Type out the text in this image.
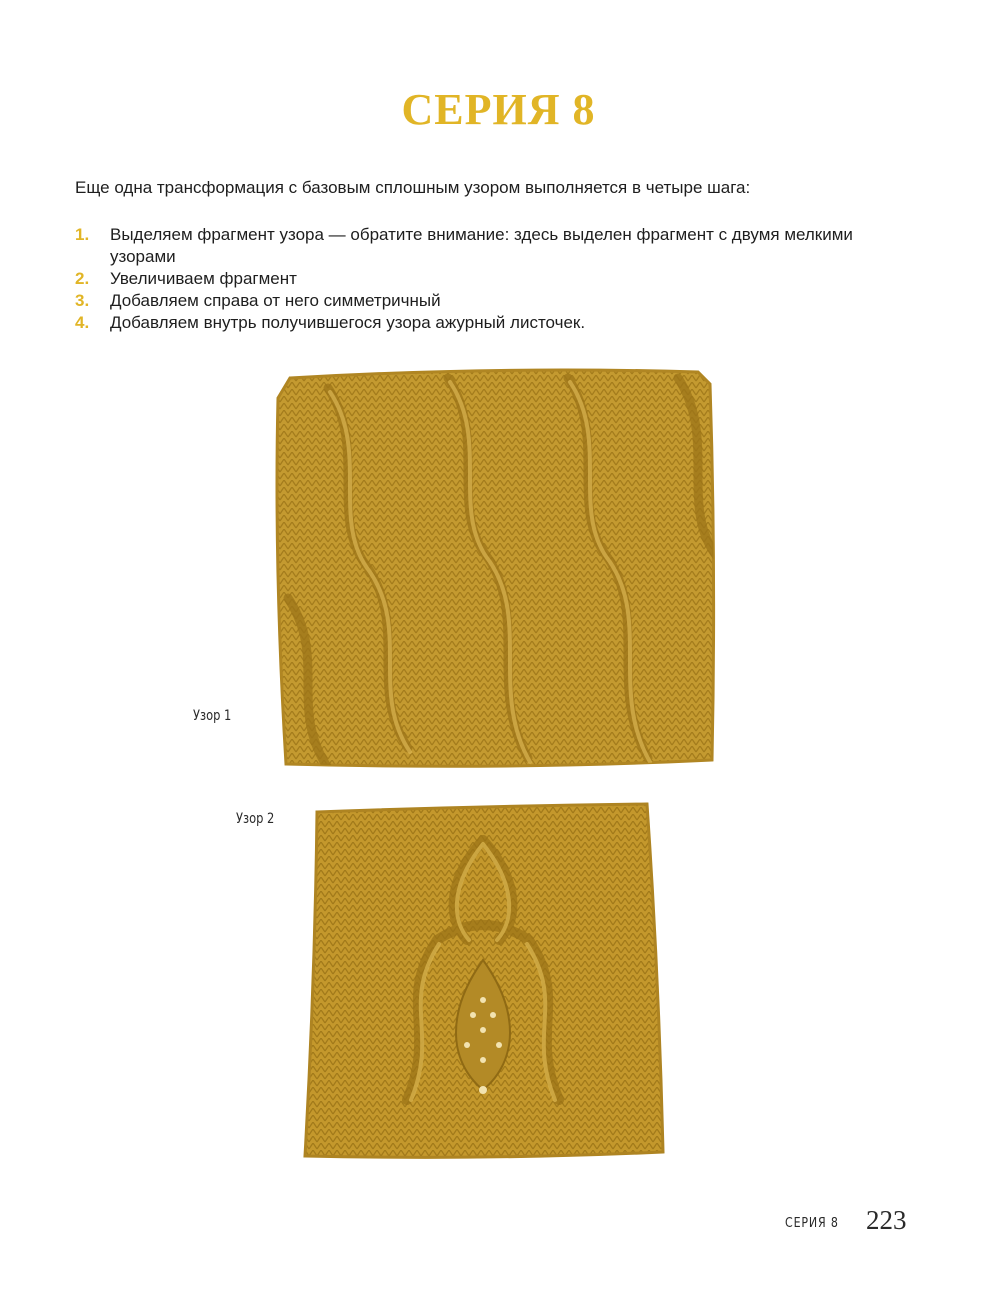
СЕРИЯ 8

Еще одна трансформация с базовым сплошным узором выполняется в четыре шага:

1.	Выделяем фрагмент узора — обратите внимание: здесь выделен фрагмент с двумя мелкими узорами
2.	Увеличиваем фрагмент
3.	Добавляем справа от него симметричный
4.	Добавляем внутрь получившегося узора ажурный листочек.
Узор 1
Узор 2
СЕРИЯ 8 223
